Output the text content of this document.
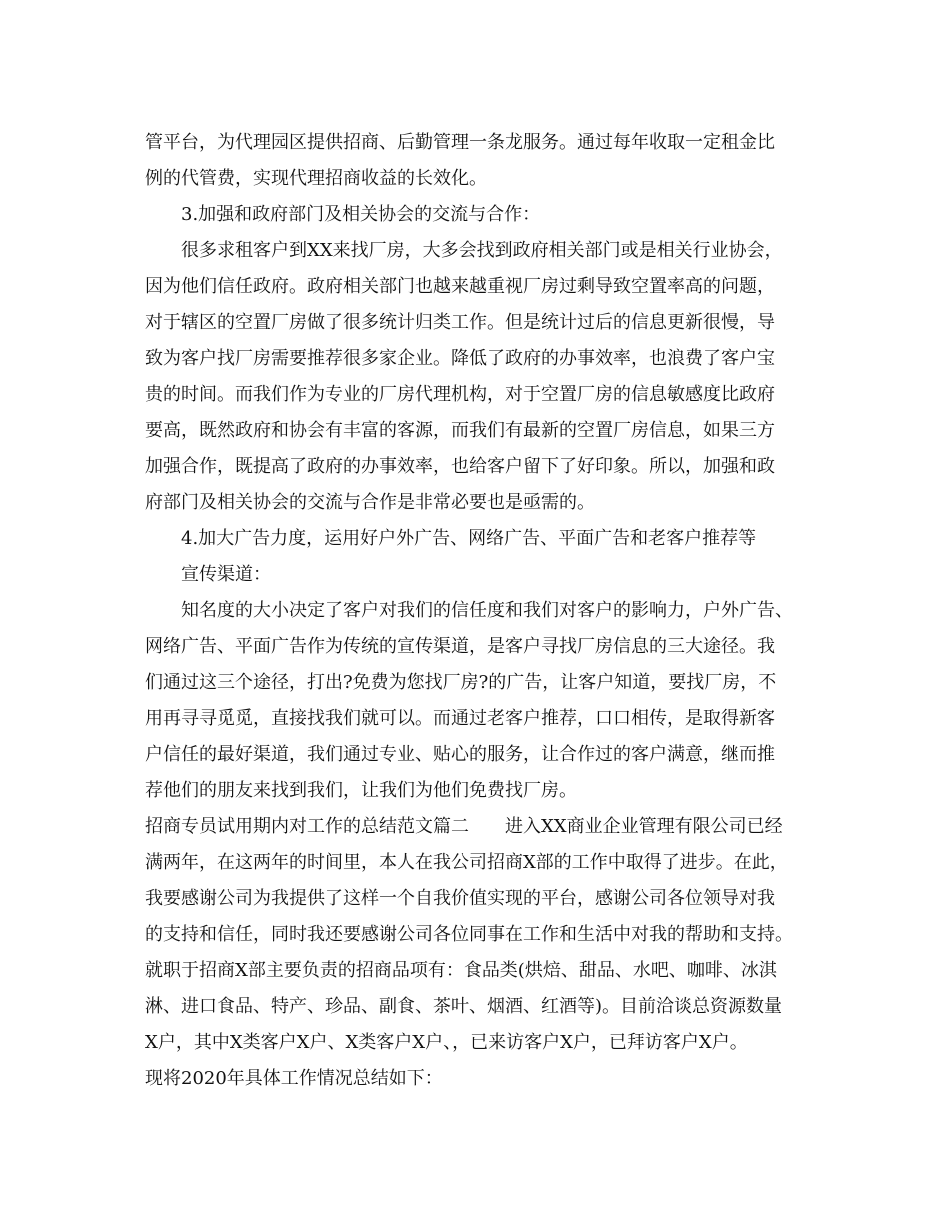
管平台，为代理园区提供招商、后勤管理一条龙服务。通过每年收取一定租金比
例的代管费，实现代理招商收益的长效化。
3.加强和政府部门及相关协会的交流与合作：
很多求租客户到XX来找厂房，大多会找到政府相关部门或是相关行业协会，
因为他们信任政府。政府相关部门也越来越重视厂房过剩导致空置率高的问题，
对于辖区的空置厂房做了很多统计归类工作。但是统计过后的信息更新很慢，导
致为客户找厂房需要推荐很多家企业。降低了政府的办事效率，也浪费了客户宝
贵的时间。而我们作为专业的厂房代理机构，对于空置厂房的信息敏感度比政府
要高，既然政府和协会有丰富的客源，而我们有最新的空置厂房信息，如果三方
加强合作，既提高了政府的办事效率，也给客户留下了好印象。所以，加强和政
府部门及相关协会的交流与合作是非常必要也是亟需的。
4.加大广告力度，运用好户外广告、网络广告、平面广告和老客户推荐等
宣传渠道：
知名度的大小决定了客户对我们的信任度和我们对客户的影响力，户外广告、
网络广告、平面广告作为传统的宣传渠道，是客户寻找厂房信息的三大途径。我
们通过这三个途径，打出?免费为您找厂房?的广告，让客户知道，要找厂房，不
用再寻寻觅觅，直接找我们就可以。而通过老客户推荐，口口相传，是取得新客
户信任的最好渠道，我们通过专业、贴心的服务，让合作过的客户满意，继而推
荐他们的朋友来找到我们，让我们为他们免费找厂房。
招商专员试用期内对工作的总结范文篇二　　进入XX商业企业管理有限公司已经
满两年，在这两年的时间里，本人在我公司招商X部的工作中取得了进步。在此，
我要感谢公司为我提供了这样一个自我价值实现的平台，感谢公司各位领导对我
的支持和信任，同时我还要感谢公司各位同事在工作和生活中对我的帮助和支持。
就职于招商X部主要负责的招商品项有：食品类(烘焙、甜品、水吧、咖啡、冰淇
淋、进口食品、特产、珍品、副食、茶叶、烟酒、红酒等)。目前洽谈总资源数量
X户，其中X类客户X户、X类客户X户、，已来访客户X户，已拜访客户X户。
现将2020年具体工作情况总结如下：
